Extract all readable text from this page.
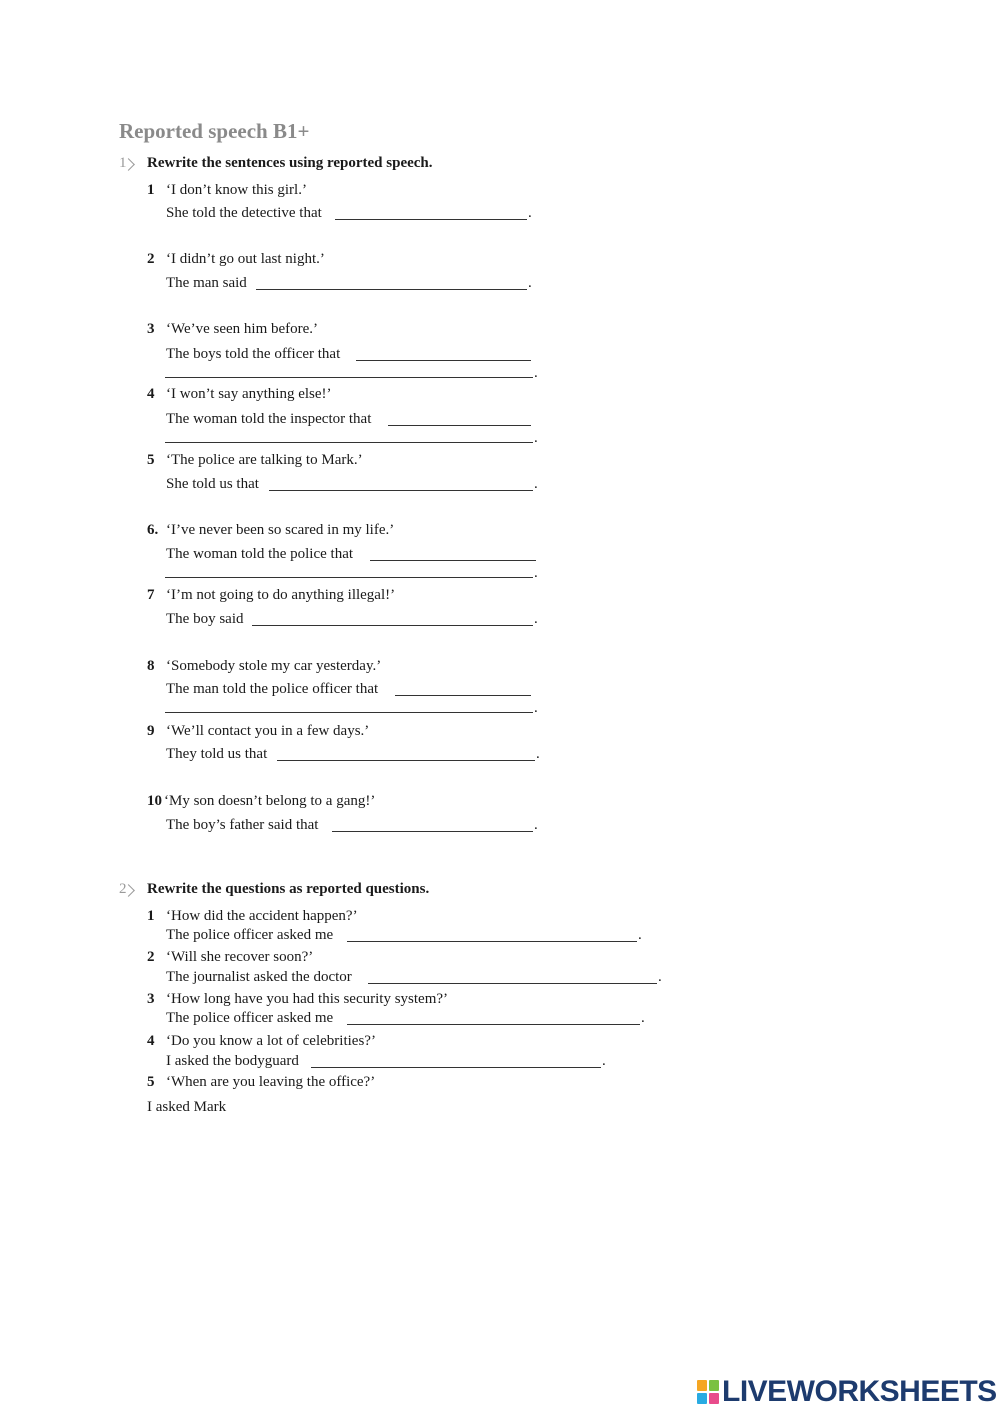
Reported speech B1+
1 Rewrite the sentences using reported speech.
1 ‘I don’t know this girl.’
She told the detective that	.
2 ‘I didn’t go out last night.’
The man said	.
3 ‘We’ve seen him before.’
The boys told the officer that
.
4 ‘I won’t say anything else!’
The woman told the inspector that
.
5 ‘The police are talking to Mark.’
She told us that	.
6. ‘I’ve never been so scared in my life.’
The woman told the police that
.
7 ‘I’m not going to do anything illegal!’
The boy said	.
8 ‘Somebody stole my car yesterday.’
The man told the police officer that
.
9 ‘We’ll contact you in a few days.’
They told us that	.
10 ‘My son doesn’t belong to a gang!’
The boy’s father said that	.
2 Rewrite the questions as reported questions.
1 ‘How did the accident happen?’
The police officer asked me	.
2 ‘Will she recover soon?’
The journalist asked the doctor	.
3 ‘How long have you had this security system?’
The police officer asked me	.
4 ‘Do you know a lot of celebrities?’
I asked the bodyguard	.
5 ‘When are you leaving the office?’
I asked Mark
LIVEWORKSHEETS
